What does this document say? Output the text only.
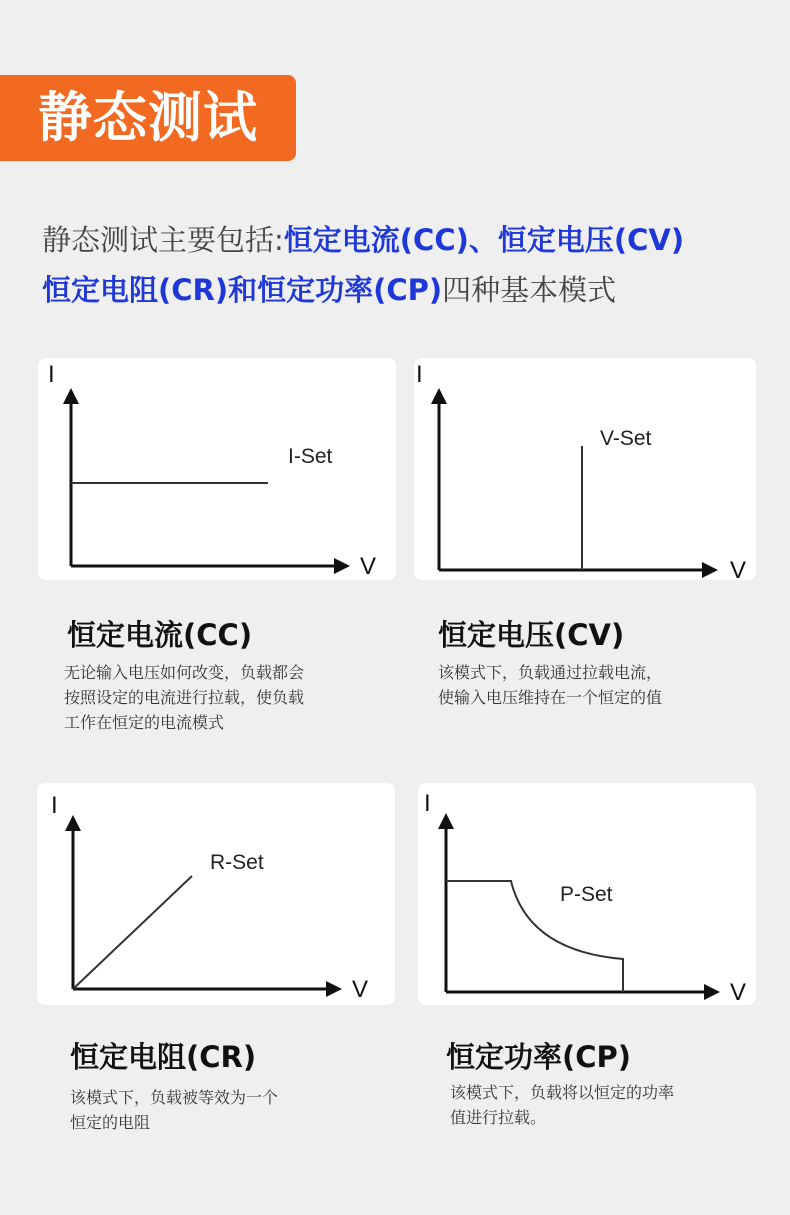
静态测试
静态测试主要包括:恒定电流(CC)、恒定电压(CV)
恒定电阻(CR)和恒定功率(CP)四种基本模式
I
V
I-Set
恒定电流(CC)
无论输入电压如何改变，负载都会
按照设定的电流进行拉载，使负载
工作在恒定的电流模式
I
V
V-Set
恒定电压(CV)
该模式下，负载通过拉载电流，
使输入电压维持在一个恒定的值
I
V
R-Set
恒定电阻(CR)
该模式下，负载被等效为一个
恒定的电阻
I
V
P-Set
恒定功率(CP)
该模式下，负载将以恒定的功率
值进行拉载。
